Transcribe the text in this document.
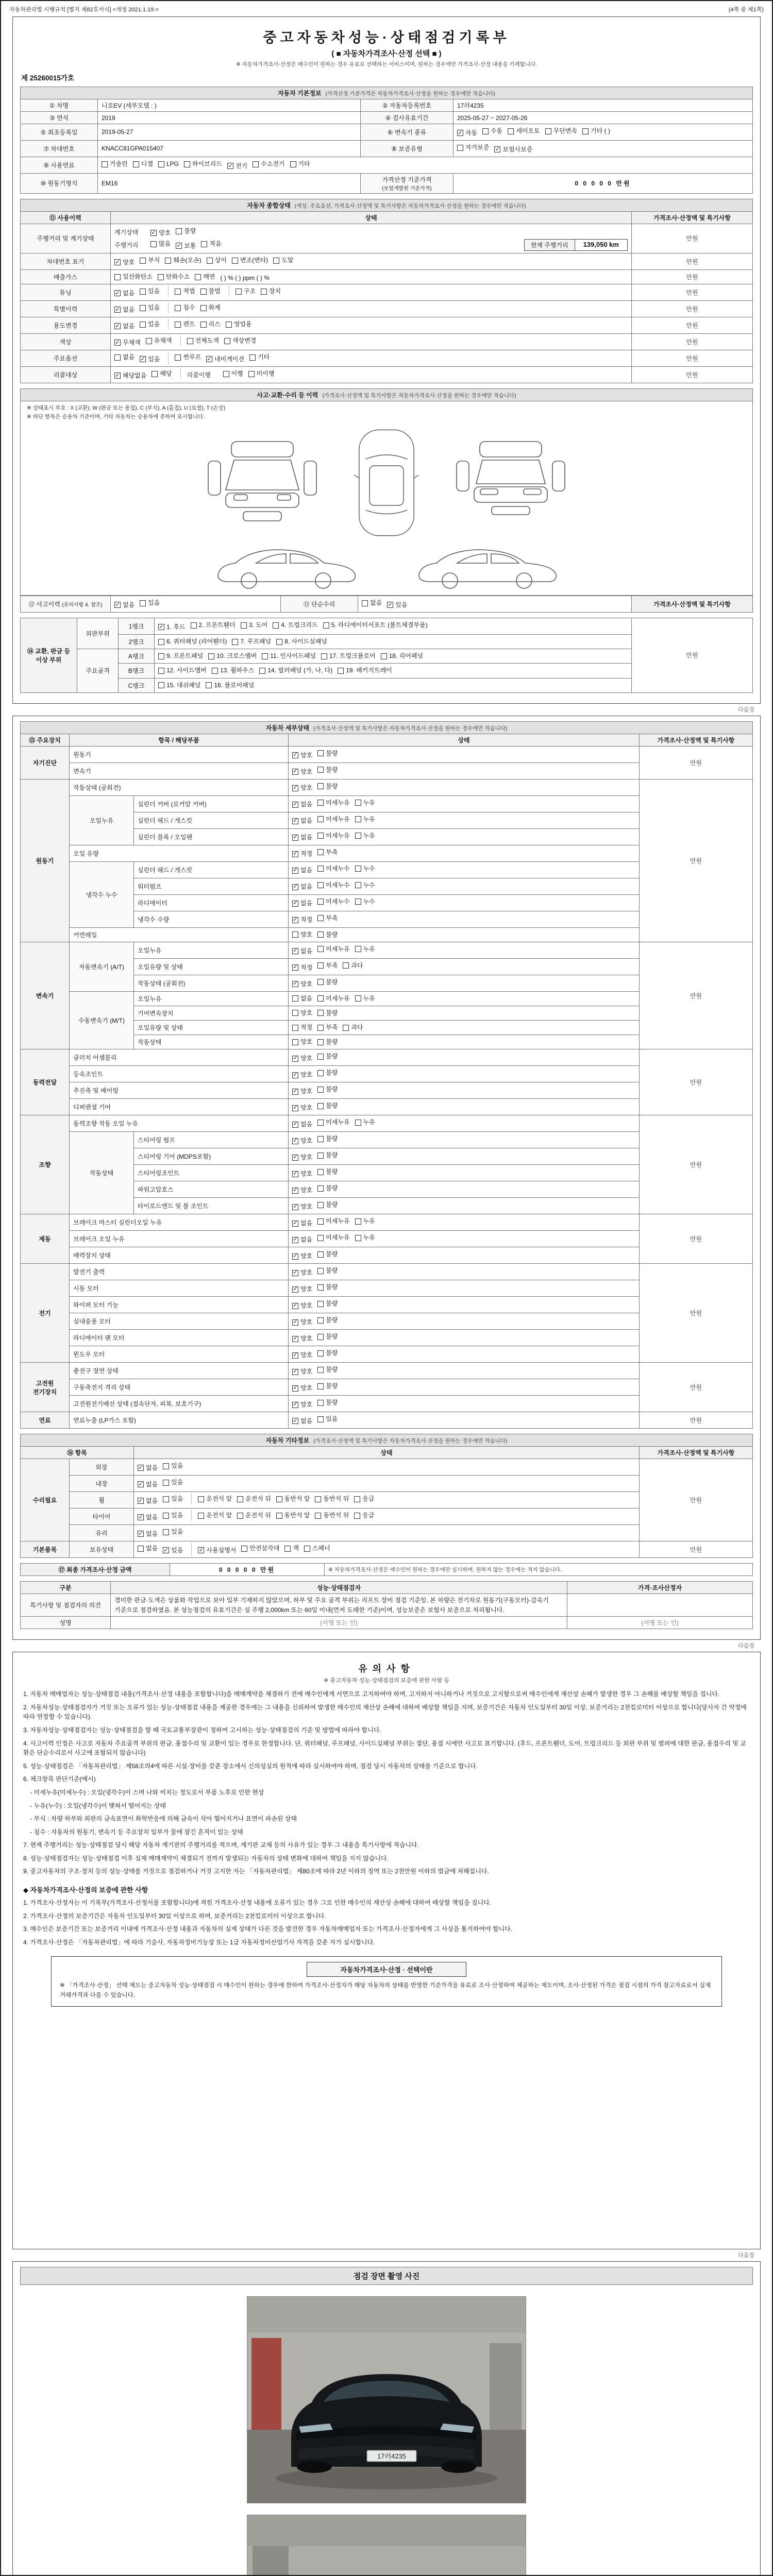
자동차관리법 시행규칙 [별지 제82호서식] <개정 2021.1.19.>	(4쪽 중 제1쪽)
중고자동차성능·상태점검기록부
( ■ 자동차가격조사·산정 선택 ■ )
※ 자동차가격조사·산정은 매수인이 원하는 경우 유료로 선택하는 서비스이며, 원하는 경우에만 가격조사·산정 내용을 기재합니다.
제 25260015가호
자동차 기본정보 (가격산정 기준가격은 자동차가격조사·산정을 원하는 경우에만 적습니다)			
① 차명	니로EV (세부모델 : )	② 자동차등록번호	17러4235
③ 연식	2019	④ 검사유효기간	2025-05-27 ~ 2027-05-26
⑤ 최초등록일	2019-05-27	⑥ 변속기 종류	✓ 자동 수동 세미오토 무단변속 기타 ( )

⑦ 차대번호	KNACC81GPA015407	⑧ 보증유형	자가보증 ✓ 보험사보증

⑨ 사용연료	가솔린 디젤 LPG 하이브리드 ✓ 전기 수소전기 기타

⑩ 원동기형식	EM16	가격산정 기준가격
(보험개발원 기준가격)	0 0 0 0 0 만원
자동차 종합상태 (색상, 주요옵션, 가격조사·산정액 및 특기사항은 자동차가격조사·산정을 원하는 경우에만 적습니다)		
⑪ 사용이력	상태	가격조사·산정액 및 특기사항
주행거리 및 계기상태	
계기상태	✓ 양호 불량
주행거리	많음 ✓ 보통 적음	현재 주행거리	139,050 km
	만원
차대번호 표기	✓ 양호 부식 훼손(오손) 상이 변조(변타) 도말	만원
배출가스	일산화탄소 탄화수소 매연 ( ) % ( ) ppm ( ) %	만원
튜닝	✓ 없음 있음	적법 불법	구조 장치	만원
특별이력	✓ 없음 있음 침수 화재	만원
용도변경	✓ 없음 있음	렌트 리스 영업용	만원
색상	✓ 무채색 유채색 전체도색 색상변경	만원
주요옵션	없음 ✓ 있음	썬루프 ✓ 네비게이션 기타	만원
리콜대상	✓ 해당없음 해당 리콜이행	이행 미이행	만원
사고·교환·수리 등 이력 (가격조사·산정액 및 특기사항은 자동차가격조사·산정을 원하는 경우에만 적습니다)
※ 상태표시 부호 : X (교환), W (판금 또는 용접), C (부식), A (흠집), U (요철), T (손상)
※ 하단 항목은 승용차 기준이며, 기타 자동차는 승용차에 준하여 표시합니다.
⑫ 사고이력 (유의사항 4. 참조)	✓ 없음 있음	⑬ 단순수리	없음 ✓ 있음	가격조사·산정액 및 특기사항
⑭ 교환, 판금 등 이상 부위	외판부위	1랭크	✓ 1. 후드 2. 프론트휀더 3. 도어 4. 트렁크리드 5. 라디에이터서포트 (볼트체결부품)
	만원
		2랭크	6. 쿼터패널 (리어휀더) 7. 루프패널 8. 사이드실패널	

	주요골격	A랭크	9. 프론트패널 10. 크로스멤버 11. 인사이드패널 17. 트렁크플로어 18. 리어패널	

		B랭크	12. 사이드멤버 13. 휠하우스 14. 필러패널 (가, 나, 다) 19. 패키지트레이	

		C랭크	15. 대쉬패널 16. 플로어패널	
다음장
자동차 세부상태 (가격조사·산정액 및 특기사항은 자동차가격조사·산정을 원하는 경우에만 적습니다)				
⑮ 주요장치	항목 / 해당부품		상태	가격조사·산정액 및 특기사항
자기진단	원동기		✓ 양호 불량	만원
	변속기		✓ 양호 불량	

원동기	작동상태 (공회전)		✓ 양호 불량	만원
	오일누유	실린더 커버 (로커암 커버)	✓ 없음 미세누유 누유	

		실린더 헤드 / 개스킷	✓ 없음 미세누유 누유	

		실린더 블록 / 오일팬	✓ 없음 미세누유 누유	

	오일 유량		✓ 적정 부족	

	냉각수 누수	실린더 헤드 / 개스킷	✓ 없음 미세누수 누수	

		워터펌프	✓ 없음 미세누수 누수	

		라디에이터	✓ 없음 미세누수 누수	

		냉각수 수량	✓ 적정 부족	

	커먼레일		양호 불량	

변속기	자동변속기 (A/T)	오일누유	✓ 없음 미세누유 누유	만원
		오일유량 및 상태	✓ 적정 부족 과다	

		작동상태 (공회전)	✓ 양호 불량	

	수동변속기 (M/T)	오일누유	없음 미세누유 누유	

		기어변속장치	양호 불량	

		오일유량 및 상태	적정 부족 과다	

		작동상태	양호 불량	

동력전달	클러치 어셈블리		✓ 양호 불량	만원
	등속조인트		✓ 양호 불량	

	추진축 및 베어링		✓ 양호 불량	

	디퍼렌셜 기어		✓ 양호 불량	

조향	동력조향 작동 오일 누유		✓ 없음 미세누유 누유	만원
	작동상태	스티어링 펌프	✓ 양호 불량	

		스티어링 기어 (MDPS포함)	✓ 양호 불량	

		스티어링조인트	✓ 양호 불량	

		파워고압호스	✓ 양호 불량	

		타이로드엔드 및 볼 조인트	✓ 양호 불량	

제동	브레이크 마스터 실린더오일 누유		✓ 없음 미세누유 누유	만원
	브레이크 오일 누유		✓ 없음 미세누유 누유	

	배력장치 상태		✓ 양호 불량	

전기	발전기 출력		✓ 양호 불량	만원
	시동 모터		✓ 양호 불량	

	와이퍼 모터 기능		✓ 양호 불량	

	실내송풍 모터		✓ 양호 불량	

	라디에이터 팬 모터		✓ 양호 불량	

	윈도우 모터		✓ 양호 불량	

고전원 전기장치	충전구 절연 상태		✓ 양호 불량	만원
	구동축전지 격리 상태		✓ 양호 불량	

	고전원전기배선 상태 (접속단자, 피복, 보호기구)		✓ 양호 불량	

연료	연료누출 (LP가스 포함)		✓ 없음 있음	만원
자동차 기타정보 (가격조사·산정액 및 특기사항은 자동차가격조사·산정을 원하는 경우에만 적습니다)			
⑯ 항목		상태	가격조사·산정액 및 특기사항
수리필요	외장	✓ 없음 있음	만원
	내장	✓ 없음 있음	

휠	✓ 없음 있음	운전석 앞 운전석 뒤 동반석 앞 동반석 뒤 응급

타이어	✓ 없음 있음	운전석 앞 운전석 뒤 동반석 앞 동반석 뒤 응급

	유리	✓ 없음 있음	

기본품목	보유상태	없음 ✓ 있음	✓ 사용설명서 안전삼각대 잭 스패너	만원
⑰ 최종 가격조사·산정 금액	0 0 0 0 0 만원	※ 자동차가격조사·산정은 매수인이 원하는 경우에만 실시하며, 원하지 않는 경우에는 적지 않습니다.
구분	성능·상태점검자	가격·조사산정자
특기사항 및 점검자의 의견	경미한 판금·도색은 상품화 작업으로 보아 일부 기재하지 않았으며, 하부 및 주요 골격 부위는 리프트 장비 점검 기준임. 본 차량은 전기차로 원동기(구동모터)·감속기 기준으로 점검하였음. 본 성능점검의 유효기간은 실 주행 2,000km 또는 60일 이내(먼저 도래한 기준)이며, 성능보증은 보험사 보증으로 처리됩니다.	
성명	(서명 또는 인)	(서명 또는 인)
다음장
유의사항
※ 중고자동차 성능·상태점검의 보증에 관한 사항 등
1. 자동차 매매업자는 성능·상태점검 내용(가격조사·산정 내용을 포함합니다)을 매매계약을 체결하기 전에 매수인에게 서면으로 고지하여야 하며, 고지하지 아니하거나 거짓으로 고지함으로써 매수인에게 재산상 손해가 발생한 경우 그 손해를 배상할 책임을 집니다.
2. 자동차성능·상태점검자가 거짓 또는 오류가 있는 성능·상태점검 내용을 제공한 경우에는 그 내용을 신뢰하여 발생한 매수인의 재산상 손해에 대하여 배상할 책임을 지며, 보증기간은 자동차 인도일부터 30일 이상, 보증거리는 2천킬로미터 이상으로 합니다(당사자 간 약정에 따라 연장할 수 있습니다).
3. 자동차성능·상태점검자는 성능·상태점검을 할 때 국토교통부장관이 정하여 고시하는 성능·상태점검의 기준 및 방법에 따라야 합니다.
4. 사고이력 인정은 사고로 자동차 주요골격 부위의 판금, 용접수리 및 교환이 있는 경우로 한정합니다. 단, 쿼터패널, 루프패널, 사이드실패널 부위는 절단, 용접 시에만 사고로 표기합니다. (후드, 프론트휀더, 도어, 트렁크리드 등 외판 부위 및 범퍼에 대한 판금, 용접수리 및 교환은 단순수리로서 사고에 포함되지 않습니다)
5. 성능·상태점검은 「자동차관리법」 제58조의4에 따른 시설·장비를 갖춘 장소에서 신의성실의 원칙에 따라 실시하여야 하며, 점검 당시 자동차의 상태를 기준으로 합니다.
6. 체크항목 판단기준(예시)
- 미세누유(미세누수) : 오일(냉각수)이 스며 나와 비치는 정도로서 부품 노후로 인한 현상
- 누유(누수) : 오일(냉각수)이 맺혀서 떨어지는 상태
- 부식 : 차량 하부와 외판의 금속표면이 화학반응에 의해 금속이 삭아 떨어지거나 표면이 파손된 상태
- 침수 : 자동차의 원동기, 변속기 등 주요장치 일부가 물에 잠긴 흔적이 있는 상태
7. 현재 주행거리는 성능·상태점검 당시 해당 자동차 계기판의 주행거리를 적으며, 계기판 교체 등의 사유가 있는 경우 그 내용을 특기사항에 적습니다.
8. 성능·상태점검자는 성능·상태점검 이후 실제 매매계약이 체결되기 전까지 발생되는 자동차의 상태 변화에 대하여 책임을 지지 않습니다.
9. 중고자동차의 구조·장치 등의 성능·상태를 거짓으로 점검하거나 거짓 고지한 자는 「자동차관리법」 제80조에 따라 2년 이하의 징역 또는 2천만원 이하의 벌금에 처해집니다.
◆ 자동차가격조사·산정의 보증에 관한 사항
1. 가격조사·산정자는 이 기록부(가격조사·산정서를 포함합니다)에 적힌 가격조사·산정 내용에 오류가 있는 경우 그로 인한 매수인의 재산상 손해에 대하여 배상할 책임을 집니다.
2. 가격조사·산정의 보증기간은 자동차 인도일부터 30일 이상으로 하며, 보증거리는 2천킬로미터 이상으로 합니다.
3. 매수인은 보증기간 또는 보증거리 이내에 가격조사·산정 내용과 자동차의 실제 상태가 다른 것을 발견한 경우 자동차매매업자 또는 가격조사·산정자에게 그 사실을 통지하여야 합니다.
4. 가격조사·산정은 「자동차관리법」에 따라 기술사, 자동차정비기능장 또는 1급 자동차정비산업기사 자격을 갖춘 자가 실시합니다.
자동차가격조사·산정 · 선택이란
※ 「가격조사·산정」 선택 제도는 중고자동차 성능·상태점검 시 매수인이 원하는 경우에 한하여 가격조사·산정자가 해당 자동차의 상태를 반영한 기준가격을 유료로 조사·산정하여 제공하는 제도이며, 조사·산정된 가격은 점검 시점의 가격 참고자료로서 실제 거래가격과 다를 수 있습니다.
다음장
점검 장면 촬영 사진
17러4235
